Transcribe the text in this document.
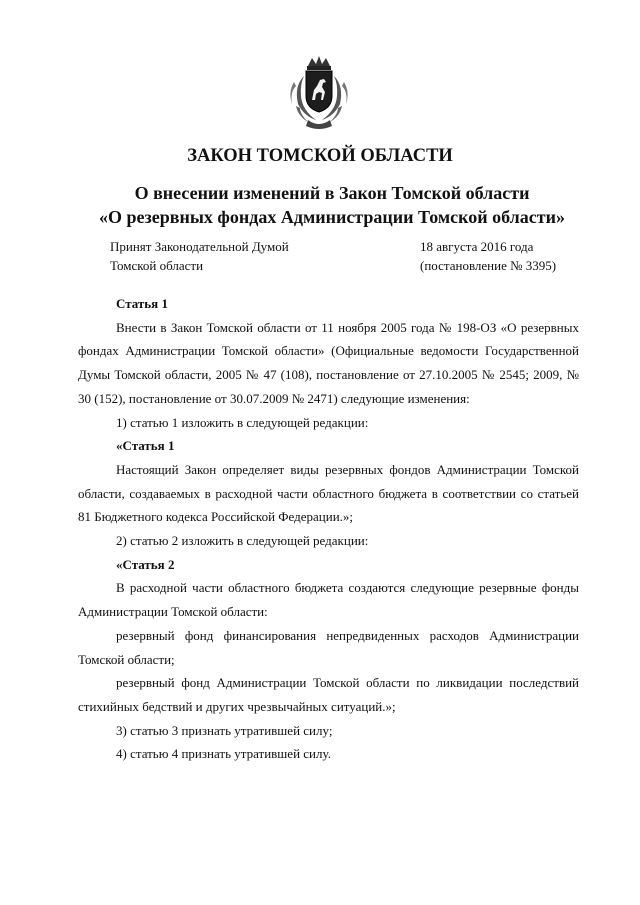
ЗАКОН ТОМСКОЙ ОБЛАСТИ
О внесении изменений в Закон Томской области
«О резервных фондах Администрации Томской области»
Принят Законодательной Думой
Томской области
18 августа 2016 года
(постановление № 3395)

Статья 1

Внести в Закон Томской области от 11 ноября 2005 года № 198-ОЗ «О резервных фондах Администрации Томской области» (Официальные ведомости Государственной Думы Томской области, 2005 № 47 (108), постановление от 27.10.2005 № 2545; 2009, № 30 (152), постановление от 30.07.2009 № 2471) следующие изменения:

1) статью 1 изложить в следующей редакции:

«Статья 1

Настоящий Закон определяет виды резервных фондов Администрации Томской области, создаваемых в расходной части областного бюджета в соответствии со статьей 81 Бюджетного кодекса Российской Федерации.»;

2) статью 2 изложить в следующей редакции:

«Статья 2

В расходной части областного бюджета создаются следующие резервные фонды Администрации Томской области:

резервный фонд финансирования непредвиденных расходов Администрации Томской области;

резервный фонд Администрации Томской области по ликвидации последствий стихийных бедствий и других чрезвычайных ситуаций.»;

3) статью 3 признать утратившей силу;

4) статью 4 признать утратившей силу.
